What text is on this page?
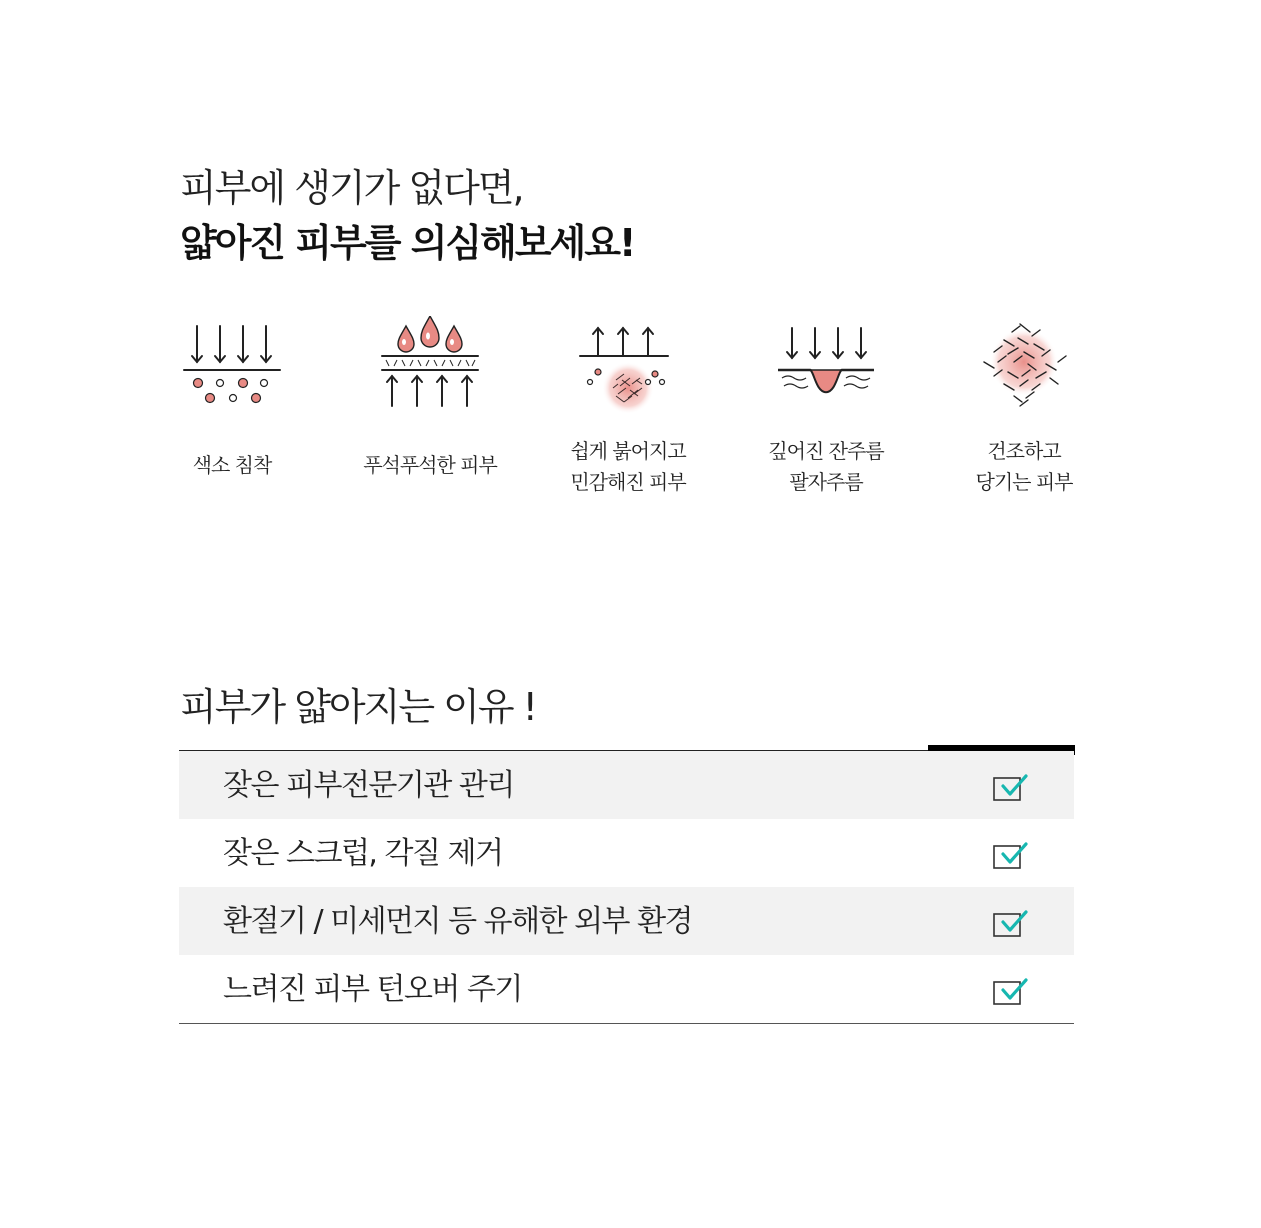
피부에 생기가 없다면,
얇아진 피부를 의심해보세요!
색소 침착	푸석푸석한 피부
쉽게 붉어지고
민감해진 피부
깊어진 잔주름
팔자주름
건조하고
당기는 피부
피부가 얇아지는 이유 !
잦은 피부전문기관 관리
잦은 스크럽, 각질 제거
환절기 / 미세먼지 등 유해한 외부 환경
느려진 피부 턴오버 주기
